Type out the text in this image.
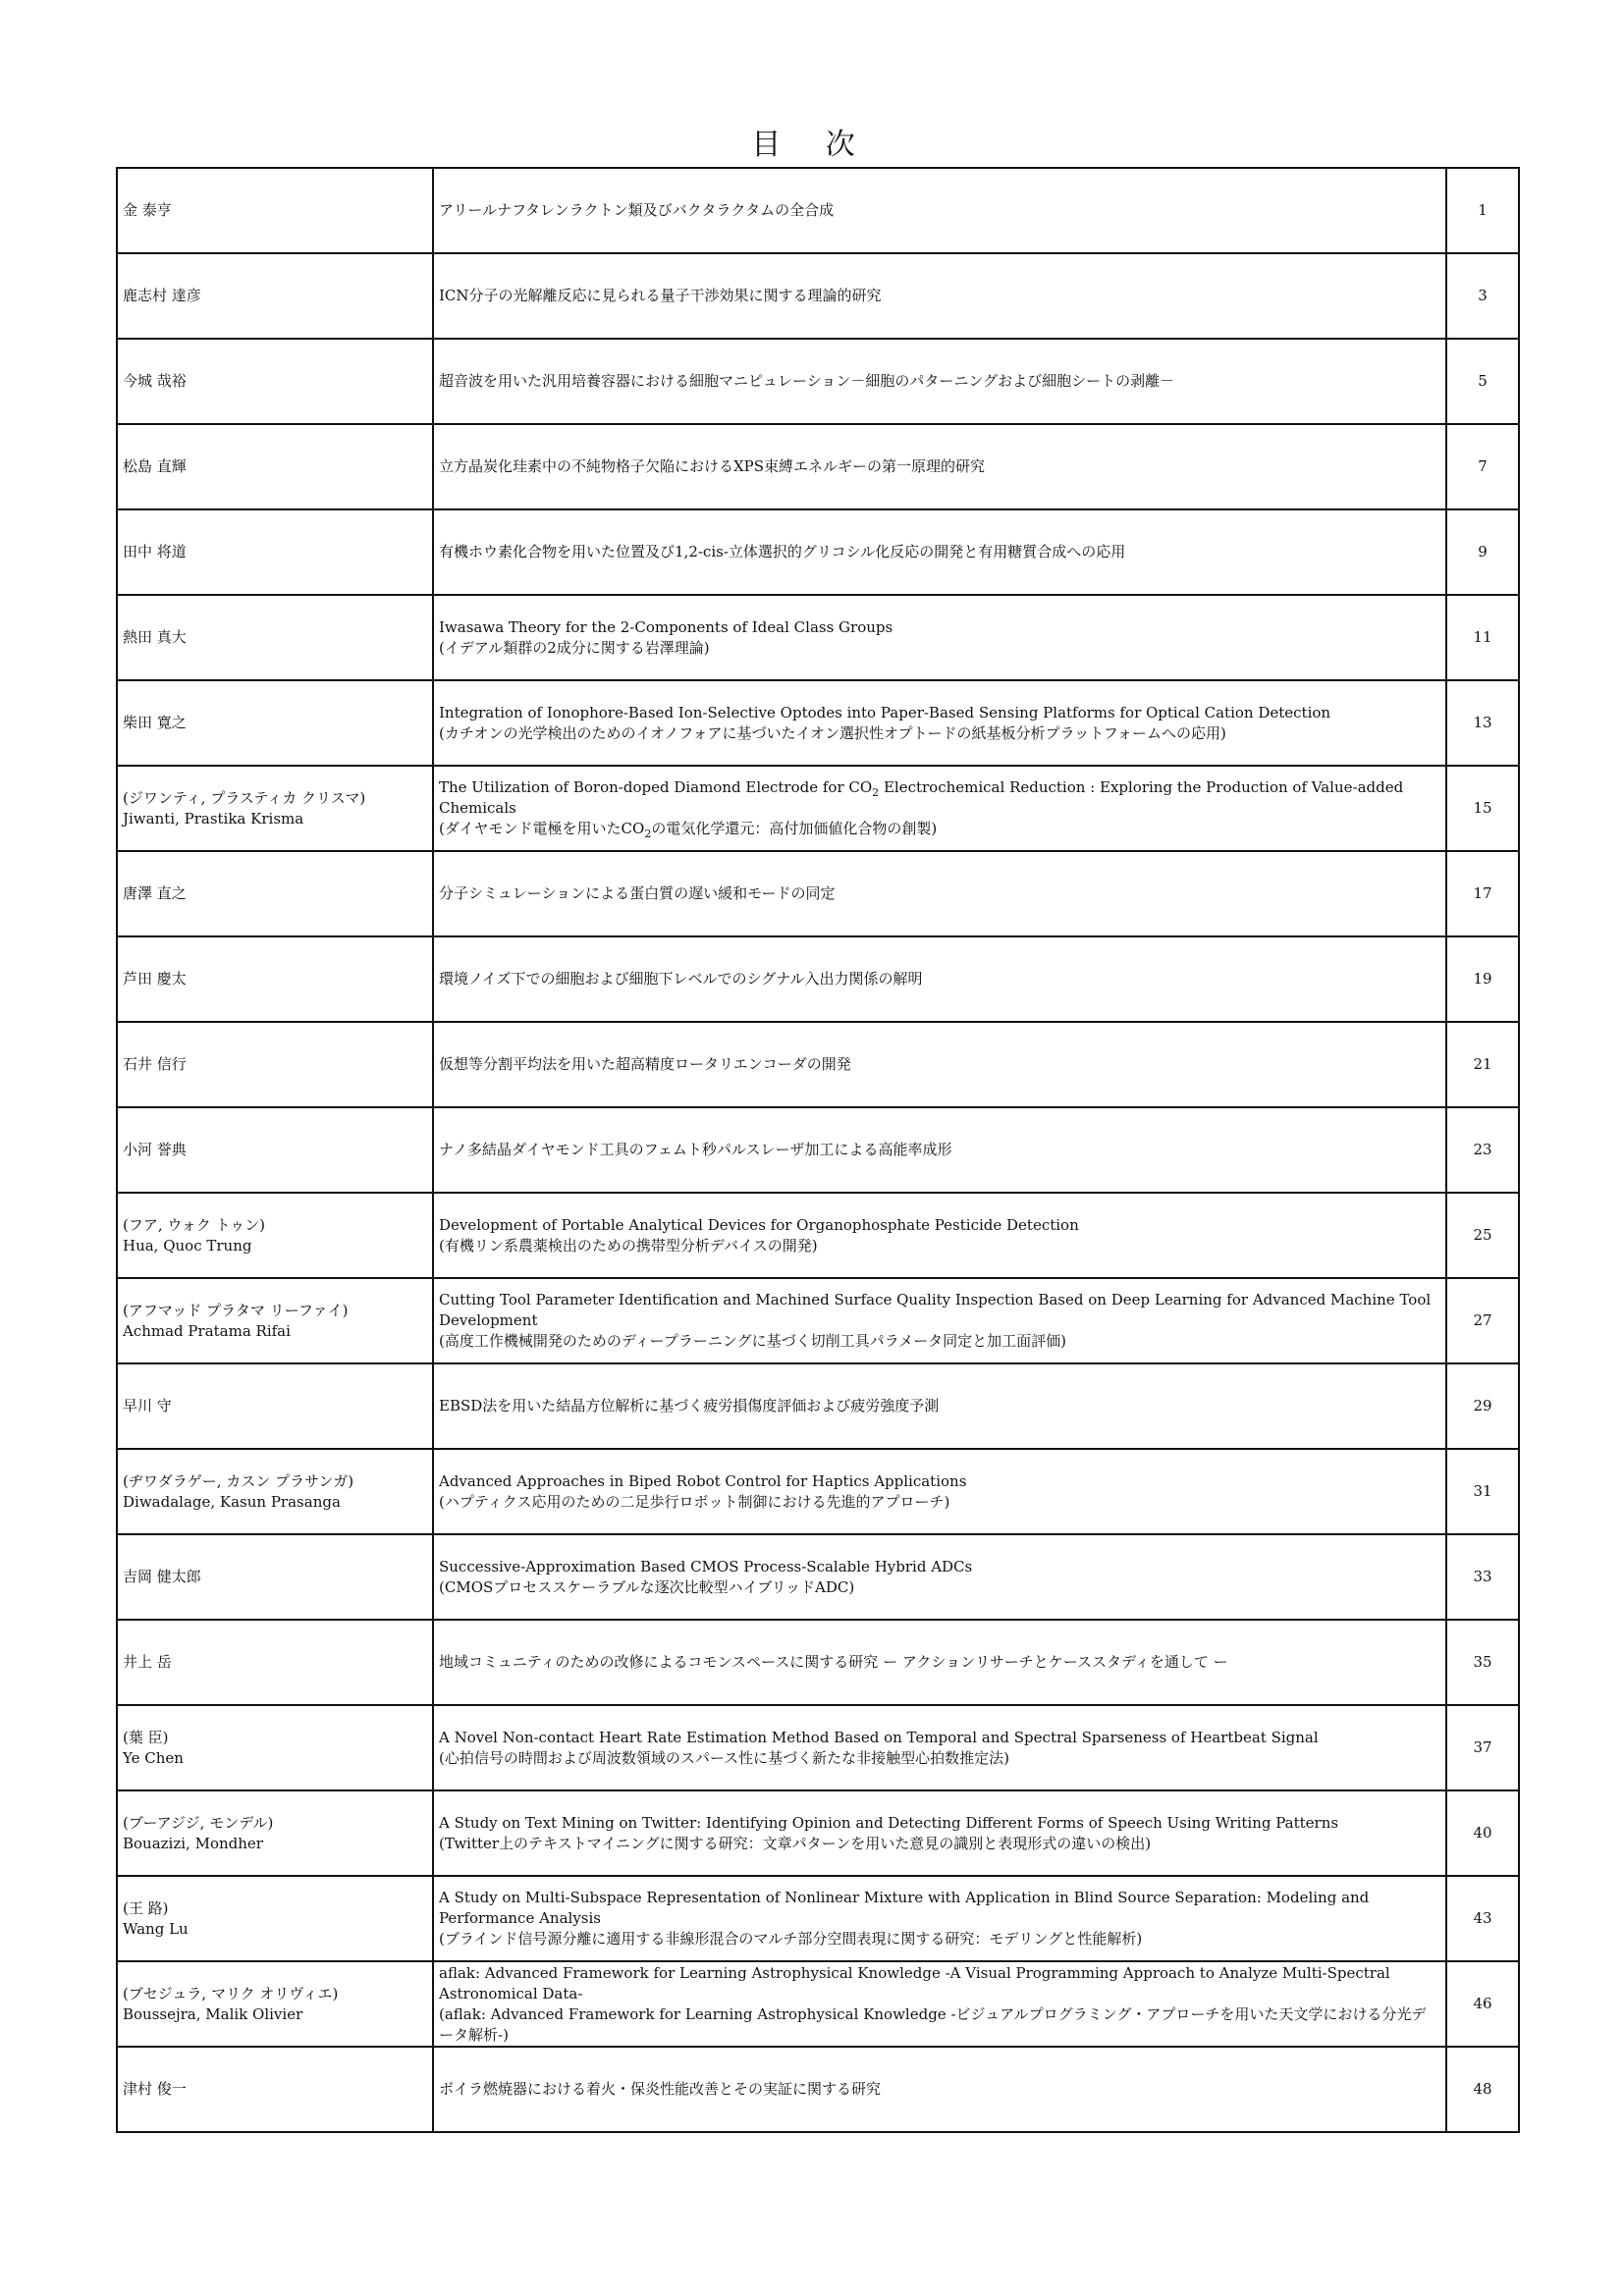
目 次
金 泰亨	アリールナフタレンラクトン類及びバクタラクタムの全合成	1

鹿志村 達彦	ICN分子の光解離反応に見られる量子干渉効果に関する理論的研究	3

今城 哉裕	超音波を用いた汎用培養容器における細胞マニピュレーション－細胞のパターニングおよび細胞シートの剥離－	5

松島 直輝	立方晶炭化珪素中の不純物格子欠陥におけるXPS束縛エネルギーの第一原理的研究	7

田中 将道	有機ホウ素化合物を用いた位置及び1,2-cis-立体選択的グリコシル化反応の開発と有用糖質合成への応用	9

熱田 真大	Iwasawa Theory for the 2-Components of Ideal Class Groups
(イデアル類群の2成分に関する岩澤理論)	11

柴田 寛之	Integration of Ionophore-Based Ion-Selective Optodes into Paper-Based Sensing Platforms for Optical Cation Detection
(カチオンの光学検出のためのイオノフォアに基づいたイオン選択性オプトードの紙基板分析プラットフォームへの応用)	13

(ジワンティ, プラスティカ クリスマ)
Jiwanti, Prastika Krisma	The Utilization of Boron-doped Diamond Electrode for $CO_2$ Electrochemical Reduction : Exploring the Production of Value-added Chemicals
(ダイヤモンド電極を用いた$CO_2$の電気化学還元：高付加価値化合物の創製)	15

唐澤 直之	分子シミュレーションによる蛋白質の遅い緩和モードの同定	17

芦田 慶太	環境ノイズ下での細胞および細胞下レベルでのシグナル入出力関係の解明	19

石井 信行	仮想等分割平均法を用いた超高精度ロータリエンコーダの開発	21

小河 誉典	ナノ多結晶ダイヤモンド工具のフェムト秒パルスレーザ加工による高能率成形	23

(フア, ウォク トゥン)
Hua, Quoc Trung	Development of Portable Analytical Devices for Organophosphate Pesticide Detection
(有機リン系農薬検出のための携帯型分析デバイスの開発)	25

(アフマッド プラタマ リーファイ)
Achmad Pratama Rifai	Cutting Tool Parameter Identification and Machined Surface Quality Inspection Based on Deep Learning for Advanced Machine Tool Development
(高度工作機械開発のためのディープラーニングに基づく切削工具パラメータ同定と加工面評価)	27

早川 守	EBSD法を用いた結晶方位解析に基づく疲労損傷度評価および疲労強度予測	29

(ヂワダラゲー, カスン プラサンガ)
Diwadalage, Kasun Prasanga	Advanced Approaches in Biped Robot Control for Haptics Applications
(ハプティクス応用のための二足歩行ロボット制御における先進的アプローチ)	31

吉岡 健太郎	Successive-Approximation Based CMOS Process-Scalable Hybrid ADCs
(CMOSプロセススケーラブルな逐次比較型ハイブリッドADC)	33

井上 岳	地域コミュニティのための改修によるコモンスペースに関する研究 ー アクションリサーチとケーススタディを通して ー	35

(葉 臣)
Ye Chen	A Novel Non-contact Heart Rate Estimation Method Based on Temporal and Spectral Sparseness of Heartbeat Signal
(心拍信号の時間および周波数領域のスパース性に基づく新たな非接触型心拍数推定法)	37

(ブーアジジ, モンデル)
Bouazizi, Mondher	A Study on Text Mining on Twitter: Identifying Opinion and Detecting Different Forms of Speech Using Writing Patterns
(Twitter上のテキストマイニングに関する研究：文章パターンを用いた意見の識別と表現形式の違いの検出)	40

(王 路)
Wang Lu	A Study on Multi-Subspace Representation of Nonlinear Mixture with Application in Blind Source Separation: Modeling and Performance Analysis
(ブラインド信号源分離に適用する非線形混合のマルチ部分空間表現に関する研究：モデリングと性能解析)	43

(ブセジュラ, マリク オリヴィエ)
Boussejra, Malik Olivier	aflak: Advanced Framework for Learning Astrophysical Knowledge -A Visual Programming Approach to Analyze Multi-Spectral Astronomical Data-
(aflak: Advanced Framework for Learning Astrophysical Knowledge -ビジュアルプログラミング・アプローチを用いた天文学における分光データ解析-)	46

津村 俊一	ボイラ燃焼器における着火・保炎性能改善とその実証に関する研究	48
